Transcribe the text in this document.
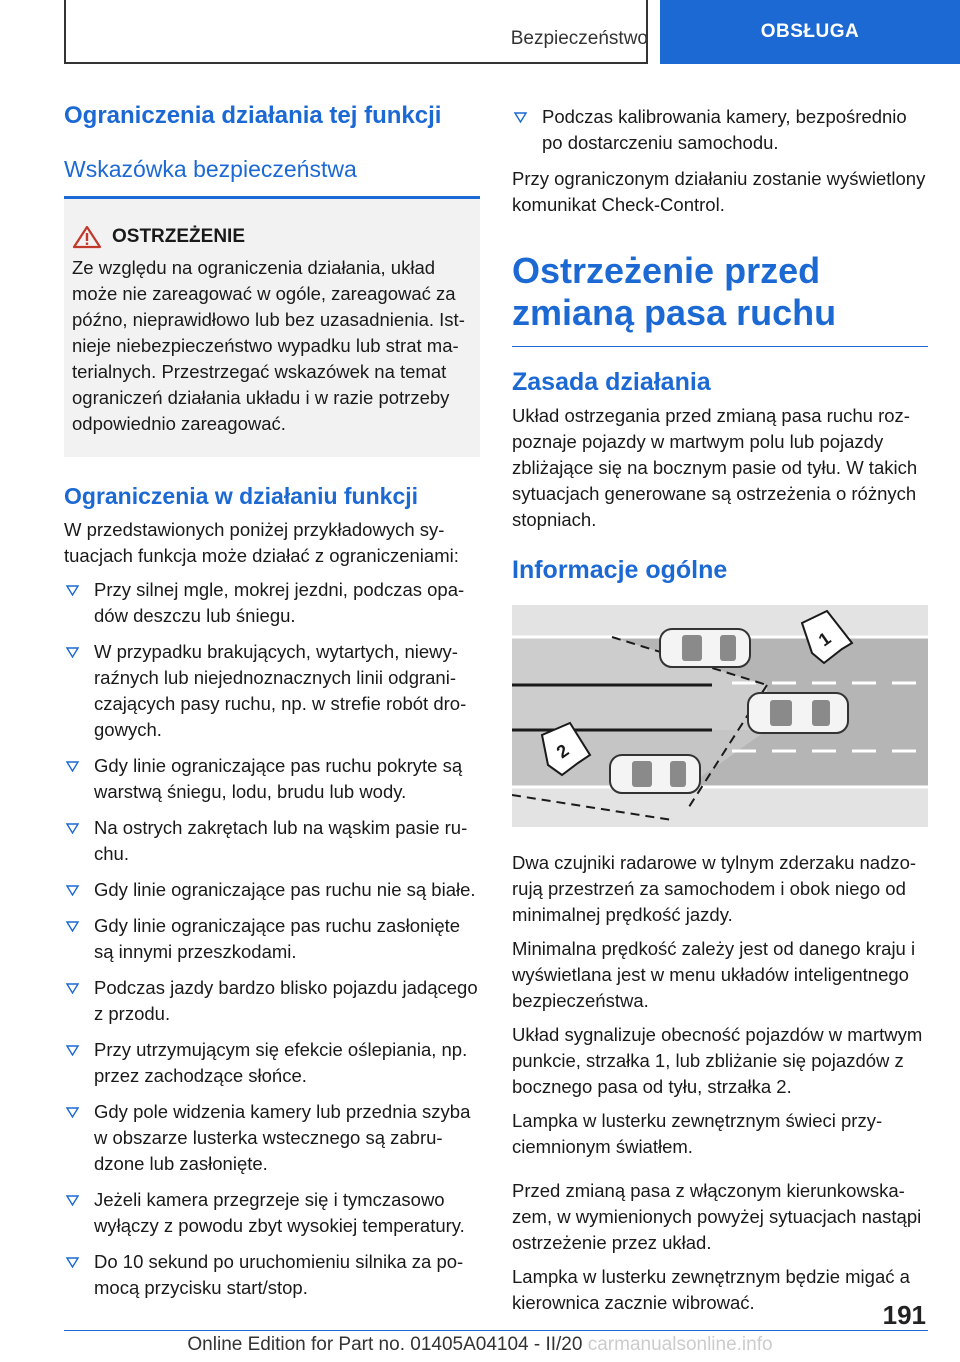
Bezpieczeństwo	OBSŁUGA
Ograniczenia działania tej funkcji
Wskazówka bezpieczeństwa
OSTRZEŻENIE

Ze względu na ograniczenia działania, układ może nie zareagować w ogóle, zareagować za późno, nieprawidłowo lub bez uzasadnienia. Istnieje niebezpieczeństwo wypadku lub strat materialnych. Przestrzegać wskazówek na temat ograniczeń działania układu i w razie potrzeby odpowiednio zareagować.

Ograniczenia w działaniu funkcji

W przedstawionych poniżej przykładowych sytuacjach funkcja może działać z ograniczeniami:

Przy silnej mgle, mokrej jezdni, podczas opadów deszczu lub śniegu.
W przypadku brakujących, wytartych, niewyraźnych lub niejednoznacznych linii odgraniczających pasy ruchu, np. w strefie robót drogowych.
Gdy linie ograniczające pas ruchu pokryte są warstwą śniegu, lodu, brudu lub wody.
Na ostrych zakrętach lub na wąskim pasie ruchu.
Gdy linie ograniczające pas ruchu nie są białe.
Gdy linie ograniczające pas ruchu zasłonięte są innymi przeszkodami.
Podczas jazdy bardzo blisko pojazdu jadącego z przodu.
Przy utrzymującym się efekcie oślepiania, np. przez zachodzące słońce.
Gdy pole widzenia kamery lub przednia szyba w obszarze lusterka wstecznego są zabrudzone lub zasłonięte.
Jeżeli kamera przegrzeje się i tymczasowo wyłączy z powodu zbyt wysokiej temperatury.
Do 10 sekund po uruchomieniu silnika za pomocą przycisku start/stop.
Podczas kalibrowania kamery, bezpośrednio po dostarczeniu samochodu.

Przy ograniczonym działaniu zostanie wyświetlony komunikat Check-Control.

Ostrzeżenie przed zmianą pasa ruchu
Zasada działania

Układ ostrzegania przed zmianą pasa ruchu rozpoznaje pojazdy w martwym polu lub pojazdy zbliżające się na bocznym pasie od tyłu. W takich sytuacjach generowane są ostrzeżenia o różnych stopniach.

Informacje ogólne
1
2

Dwa czujniki radarowe w tylnym zderzaku nadzorują przestrzeń za samochodem i obok niego od minimalnej prędkość jazdy.

Minimalna prędkość zależy jest od danego kraju i wyświetlana jest w menu układów inteligentnego bezpieczeństwa.

Układ sygnalizuje obecność pojazdów w martwym punkcie, strzałka 1, lub zbliżanie się pojazdów z bocznego pasa od tyłu, strzałka 2.

Lampka w lusterku zewnętrznym świeci przyciemnionym światłem.

Przed zmianą pasa z włączonym kierunkowskazem, w wymienionych powyżej sytuacjach nastąpi ostrzeżenie przez układ.

Lampka w lusterku zewnętrznym będzie migać a kierownica zacznie wibrować.	191
Online Edition for Part no. 01405A04104 - II/20 carmanualsonline.info
